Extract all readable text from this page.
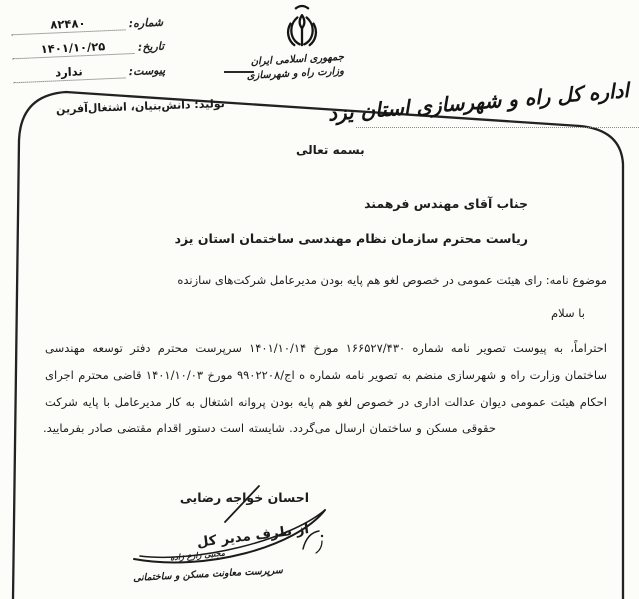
شماره:
۸۲۴۸۰
تاریخ:
۱۴۰۱/۱۰/۲۵
پیوست:
ندارد
جمهوری اسلامی ایران
وزارت راه و شهرسازی
اداره کل راه و شهرسازی استان یزد
تولید؛ دانش‌بنیان، اشتغال‌آفرین
بسمه تعالی
جناب آقای مهندس فرهمند
ریاست محترم سازمان نظام مهندسی ساختمان استان یزد
موضوع نامه: رای هیئت عمومی در خصوص لغو هم پایه بودن مدیرعامل شرکت‌های سازنده
با سلام
احتراماً، به پیوست تصویر نامه شماره ۱۶۶۵۲۷/۴۳۰ مورخ ۱۴۰۱/۱۰/۱۴ سرپرست محترم دفتر توسعه مهندسی
ساختمان وزارت راه و شهرسازی منضم به تصویر نامه شماره ه اج/۹۹۰۲۲۰۸ مورخ ۱۴۰۱/۱۰/۰۳ قاضی محترم اجرای
احکام هیئت عمومی دیوان عدالت اداری در خصوص لغو هم پایه بودن پروانه اشتغال به کار مدیرعامل با پایه شرکت
حقوقی مسکن و ساختمان ارسال می‌گردد. شایسته است دستور اقدام مقتضی صادر بفرمایید.
احسان خواجه رضایی
از طرف مدیر کل
مجتبی زارع زاده
سرپرست معاونت مسکن و ساختمانی
